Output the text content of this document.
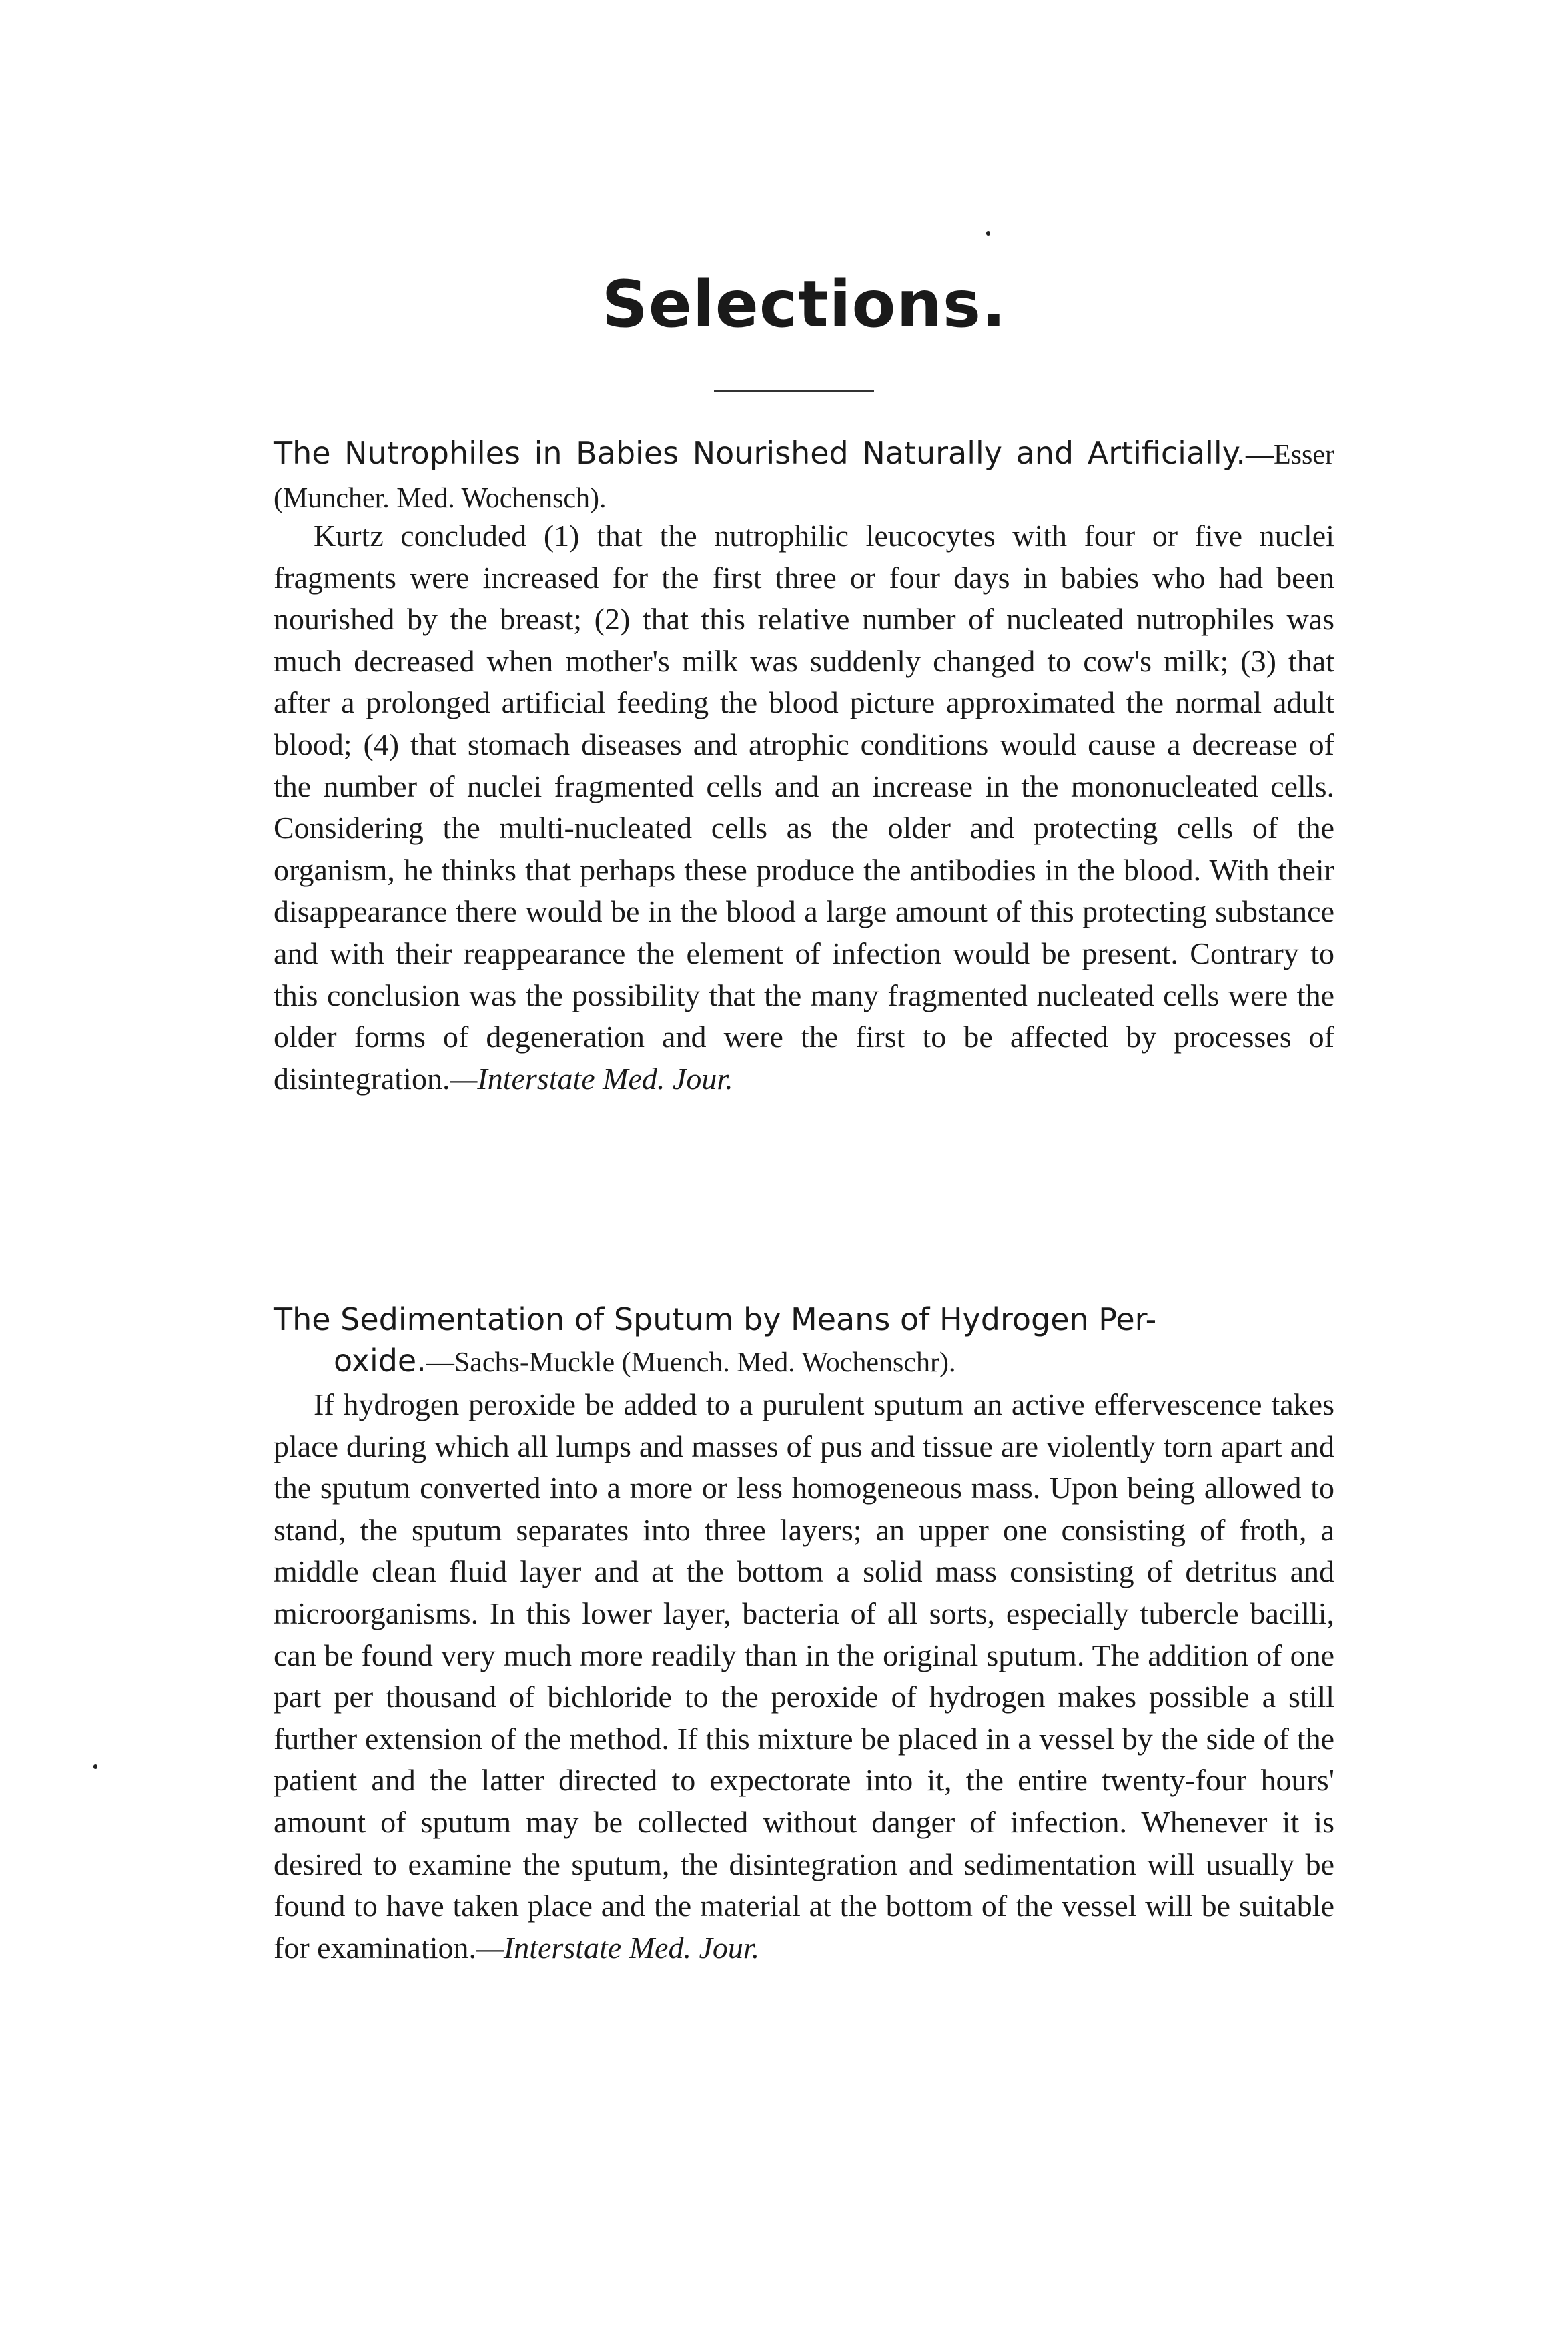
Selections.

The Nutrophiles in Babies Nourished Naturally and Artificially.—Esser (Muncher. Med. Wochensch).

Kurtz concluded (1) that the nutrophilic leucocytes with four or five nuclei fragments were increased for the first three or four days in babies who had been nourished by the breast; (2) that this relative number of nucleated nutrophiles was much decreased when mother's milk was suddenly changed to cow's milk; (3) that after a prolonged artificial feeding the blood picture approximated the normal adult blood; (4) that stomach diseases and atrophic conditions would cause a decrease of the number of nuclei fragmented cells and an increase in the mononucleated cells. Considering the multi-nucleated cells as the older and protecting cells of the organism, he thinks that perhaps these produce the antibodies in the blood. With their disappearance there would be in the blood a large amount of this protecting substance and with their reappearance the element of infection would be present. Contrary to this conclusion was the possibility that the many fragmented nucleated cells were the older forms of degeneration and were the first to be affected by processes of disintegration.—Interstate Med. Jour.

The Sedimentation of Sputum by Means of Hydrogen Per-
oxide.—Sachs-Muckle (Muench. Med. Wochenschr).

If hydrogen peroxide be added to a purulent sputum an active effervescence takes place during which all lumps and masses of pus and tissue are violently torn apart and the sputum converted into a more or less homogeneous mass. Upon being allowed to stand, the sputum separates into three layers; an upper one consisting of froth, a middle clean fluid layer and at the bottom a solid mass consisting of detritus and microorganisms. In this lower layer, bacteria of all sorts, especially tubercle bacilli, can be found very much more readily than in the original sputum. The addition of one part per thousand of bichloride to the peroxide of hydrogen makes possible a still further extension of the method. If this mixture be placed in a vessel by the side of the patient and the latter directed to expectorate into it, the entire twenty-four hours' amount of sputum may be collected without danger of infection. Whenever it is desired to examine the sputum, the disintegration and sedimentation will usually be found to have taken place and the material at the bottom of the vessel will be suitable for examination.—Interstate Med. Jour.
